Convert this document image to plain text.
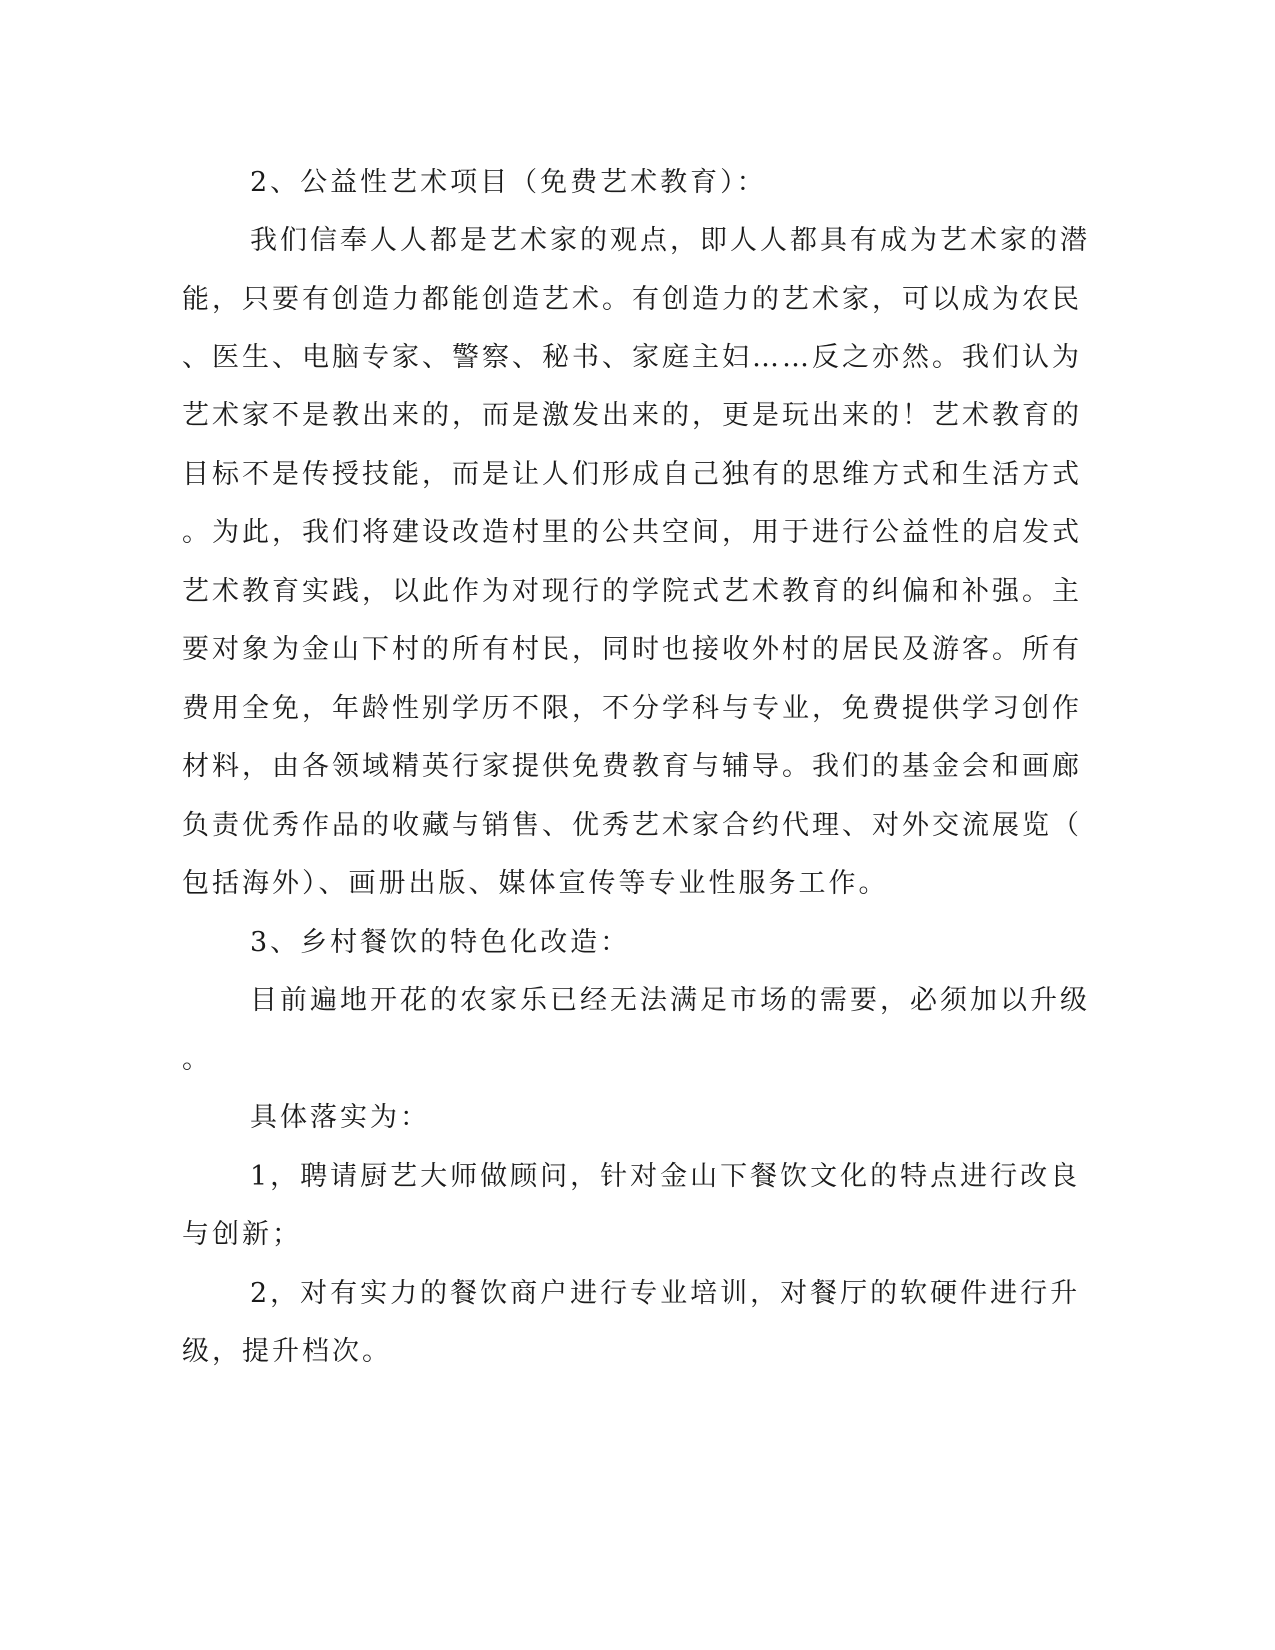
2、公益性艺术项目（免费艺术教育）：
我们信奉人人都是艺术家的观点，即人人都具有成为艺术家的潜
能，只要有创造力都能创造艺术。有创造力的艺术家，可以成为农民
、医生、电脑专家、警察、秘书、家庭主妇……反之亦然。我们认为
艺术家不是教出来的，而是激发出来的，更是玩出来的！艺术教育的
目标不是传授技能，而是让人们形成自己独有的思维方式和生活方式
。为此，我们将建设改造村里的公共空间，用于进行公益性的启发式
艺术教育实践，以此作为对现行的学院式艺术教育的纠偏和补强。主
要对象为金山下村的所有村民，同时也接收外村的居民及游客。所有
费用全免，年龄性别学历不限，不分学科与专业，免费提供学习创作
材料，由各领域精英行家提供免费教育与辅导。我们的基金会和画廊
负责优秀作品的收藏与销售、优秀艺术家合约代理、对外交流展览（
包括海外）、画册出版、媒体宣传等专业性服务工作。
3、乡村餐饮的特色化改造：
目前遍地开花的农家乐已经无法满足市场的需要，必须加以升级
。
具体落实为：
1，聘请厨艺大师做顾问，针对金山下餐饮文化的特点进行改良
与创新；
2，对有实力的餐饮商户进行专业培训，对餐厅的软硬件进行升
级，提升档次。
